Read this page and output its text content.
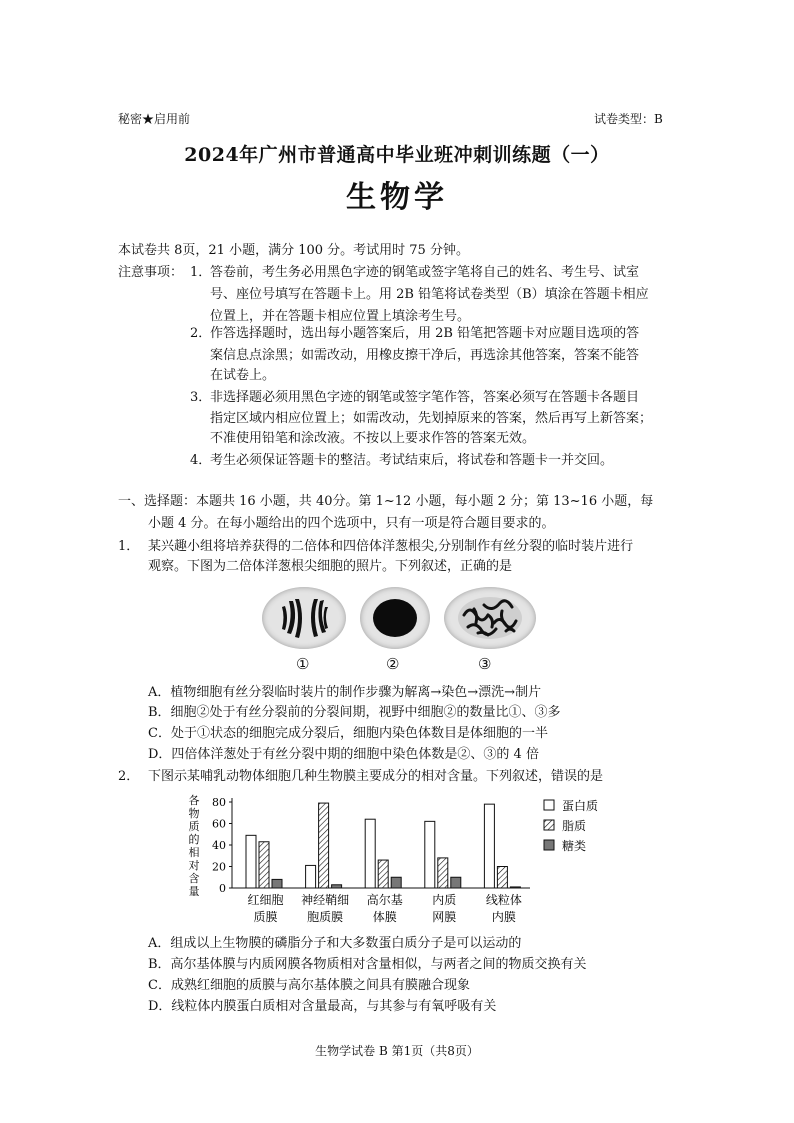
秘密★启用前	试卷类型：B
2024年广州市普通高中毕业班冲刺训练题（一）
生物学
本试卷共 8页，21 小题，满分 100 分。考试用时 75 分钟。
注意事项： 1．
答卷前，考生务必用黑色字迹的钢笔或签字笔将自己的姓名、考生号、试室
号、座位号填写在答题卡上。用 2B 铅笔将试卷类型（B）填涂在答题卡相应
位置上，并在答题卡相应位置上填涂考生号。
2．
作答选择题时，选出每小题答案后，用 2B 铅笔把答题卡对应题目选项的答
案信息点涂黑；如需改动，用橡皮擦干净后，再选涂其他答案，答案不能答
在试卷上。
3．
非选择题必须用黑色字迹的钢笔或签字笔作答，答案必须写在答题卡各题目
指定区域内相应位置上；如需改动，先划掉原来的答案，然后再写上新答案；
不准使用铅笔和涂改液。不按以上要求作答的答案无效。
4．
考生必须保证答题卡的整洁。考试结束后，将试卷和答题卡一并交回。
一、选择题：本题共 16 小题，共 40分。第 1~12 小题，每小题 2 分；第 13~16 小题，每
小题 4 分。在每小题给出的四个选项中，只有一项是符合题目要求的。
1． 某兴趣小组将培养获得的二倍体和四倍体洋葱根尖,分别制作有丝分裂的临时装片进行
观察。下图为二倍体洋葱根尖细胞的照片。下列叙述，正确的是
①	②	③
A．植物细胞有丝分裂临时装片的制作步骤为解离→染色→漂洗→制片
B．细胞②处于有丝分裂前的分裂间期，视野中细胞②的数量比①、③多
C．处于①状态的细胞完成分裂后，细胞内染色体数目是体细胞的一半
D．四倍体洋葱处于有丝分裂中期的细胞中染色体数是②、③的 4 倍
2． 下图示某哺乳动物体细胞几种生物膜主要成分的相对含量。下列叙述，错误的是
各
物
质
的
相
对
含
量 0
20
40
60
80
红细胞
质膜
神经鞘细
胞质膜
高尔基
体膜
内质
网膜
线粒体
内膜
蛋白质
脂质
糖类
A．组成以上生物膜的磷脂分子和大多数蛋白质分子是可以运动的
B．高尔基体膜与内质网膜各物质相对含量相似，与两者之间的物质交换有关
C．成熟红细胞的质膜与高尔基体膜之间具有膜融合现象
D．线粒体内膜蛋白质相对含量最高，与其参与有氧呼吸有关
生物学试卷 B 第1页（共8页）
